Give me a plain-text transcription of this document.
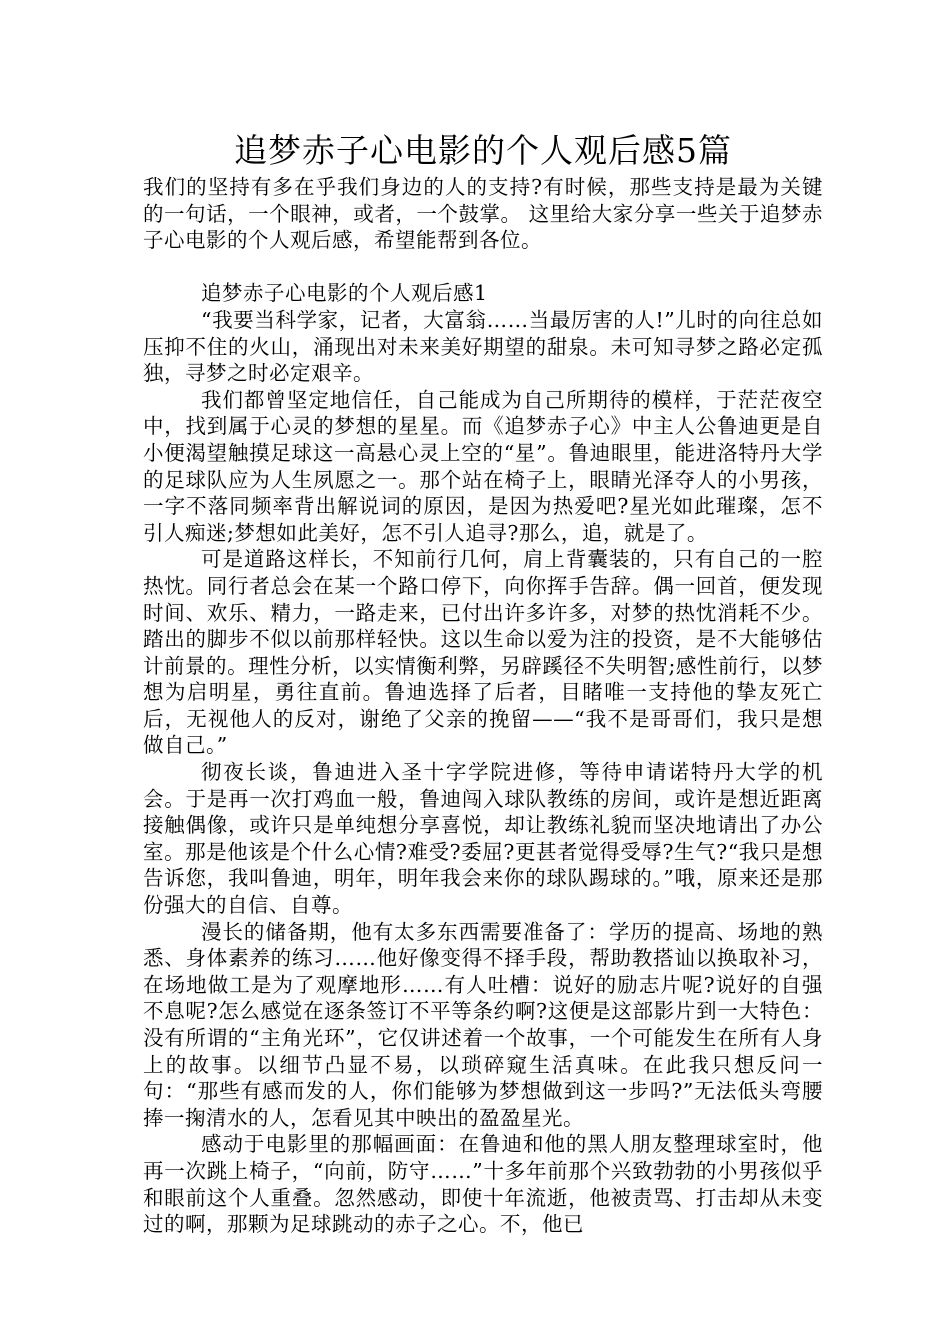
追梦赤子心电影的个人观后感5篇

我们的坚持有多在乎我们身边的人的支持?有时候，那些支持是最为关键的一句话，一个眼神，或者，一个鼓掌。 这里给大家分享一些关于追梦赤子心电影的个人观后感，希望能帮到各位。

追梦赤子心电影的个人观后感1

“我要当科学家，记者，大富翁……当最厉害的人!”儿时的向往总如压抑不住的火山，涌现出对未来美好期望的甜泉。未可知寻梦之路必定孤独，寻梦之时必定艰辛。

我们都曾坚定地信任，自己能成为自己所期待的模样，于茫茫夜空中，找到属于心灵的梦想的星星。而《追梦赤子心》中主人公鲁迪更是自小便渴望触摸足球这一高悬心灵上空的“星”。鲁迪眼里，能进洛特丹大学的足球队应为人生夙愿之一。那个站在椅子上，眼睛光泽夺人的小男孩，一字不落同频率背出解说词的原因，是因为热爱吧?星光如此璀璨，怎不引人痴迷;梦想如此美好，怎不引人追寻?那么，追，就是了。

可是道路这样长，不知前行几何，肩上背囊装的，只有自己的一腔热忱。同行者总会在某一个路口停下，向你挥手告辞。偶一回首，便发现时间、欢乐、精力，一路走来，已付出许多许多，对梦的热忱消耗不少。踏出的脚步不似以前那样轻快。这以生命以爱为注的投资，是不大能够估计前景的。理性分析，以实情衡利弊，另辟蹊径不失明智;感性前行，以梦想为启明星，勇往直前。鲁迪选择了后者，目睹唯一支持他的挚友死亡后，无视他人的反对，谢绝了父亲的挽留——“我不是哥哥们，我只是想做自己。”

彻夜长谈，鲁迪进入圣十字学院进修，等待申请诺特丹大学的机会。于是再一次打鸡血一般，鲁迪闯入球队教练的房间，或许是想近距离接触偶像，或许只是单纯想分享喜悦，却让教练礼貌而坚决地请出了办公室。那是他该是个什么心情?难受?委屈?更甚者觉得受辱?生气?“我只是想告诉您，我叫鲁迪，明年，明年我会来你的球队踢球的。”哦，原来还是那份强大的自信、自尊。

漫长的储备期，他有太多东西需要准备了：学历的提高、场地的熟悉、身体素养的练习……他好像变得不择手段，帮助教搭讪以换取补习，在场地做工是为了观摩地形……有人吐槽：说好的励志片呢?说好的自强不息呢?怎么感觉在逐条签订不平等条约啊?这便是这部影片到一大特色：没有所谓的“主角光环”，它仅讲述着一个故事，一个可能发生在所有人身上的故事。以细节凸显不易，以琐碎窥生活真味。在此我只想反问一句：“那些有感而发的人，你们能够为梦想做到这一步吗?”无法低头弯腰捧一掬清水的人，怎看见其中映出的盈盈星光。

感动于电影里的那幅画面：在鲁迪和他的黑人朋友整理球室时，他再一次跳上椅子，“向前，防守……”十多年前那个兴致勃勃的小男孩似乎和眼前这个人重叠。忽然感动，即使十年流逝，他被责骂、打击却从未变过的啊，那颗为足球跳动的赤子之心。不，他已
